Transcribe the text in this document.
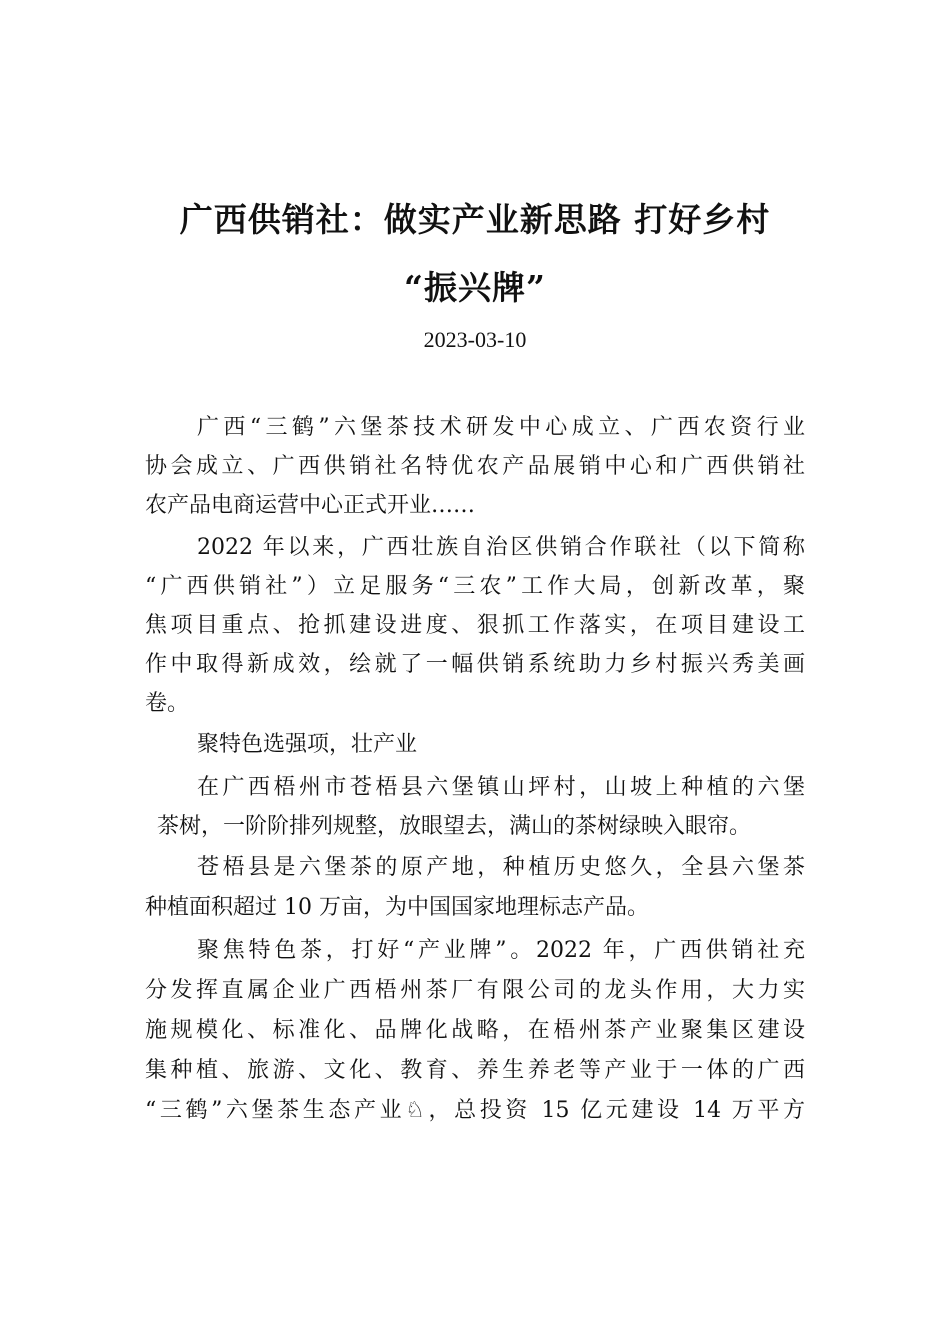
广西供销社：做实产业新思路 打好乡村
“振兴牌”
2023-03-10
广西“三鹤”六堡茶技术研发中心成立、广西农资行业
协会成立、广西供销社名特优农产品展销中心和广西供销社
农产品电商运营中心正式开业……
2022 年以来，广西壮族自治区供销合作联社（以下简称
“广西供销社”）立足服务“三农”工作大局，创新改革，聚
焦项目重点、抢抓建设进度、狠抓工作落实，在项目建设工
作中取得新成效，绘就了一幅供销系统助力乡村振兴秀美画
卷。
聚特色选强项，壮产业
在广西梧州市苍梧县六堡镇山坪村，山坡上种植的六堡
茶树，一阶阶排列规整，放眼望去，满山的茶树绿映入眼帘。
苍梧县是六堡茶的原产地，种植历史悠久，全县六堡茶
种植面积超过 10 万亩，为中国国家地理标志产品。
聚焦特色茶，打好“产业牌”。2022 年，广西供销社充
分发挥直属企业广西梧州茶厂有限公司的龙头作用，大力实
施规模化、标准化、品牌化战略，在梧州茶产业聚集区建设
集种植、旅游、文化、教育、养生养老等产业于一体的广西
“三鹤”六堡茶生态产业♘，总投资 15 亿元建设 14 万平方
